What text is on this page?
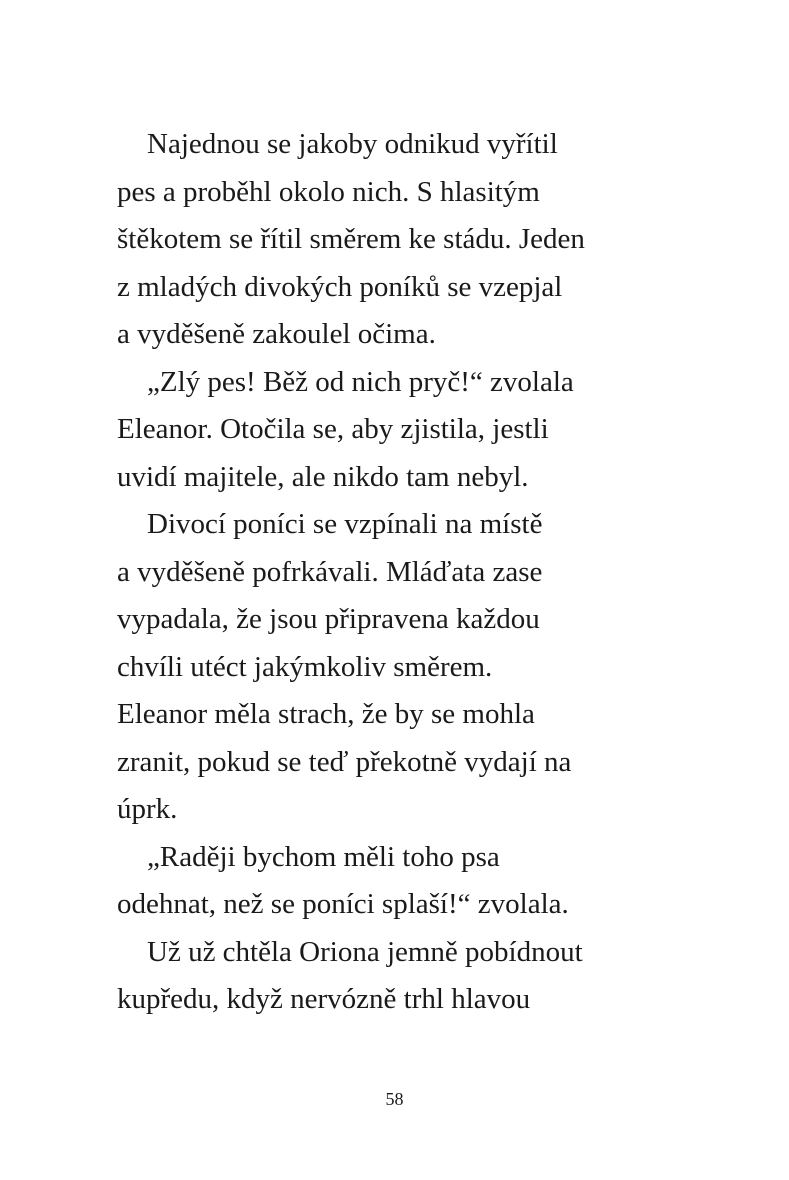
Najednou se jakoby odnikud vyřítil
pes a proběhl okolo nich. S hlasitým
štěkotem se řítil směrem ke stádu. Jeden
z mladých divokých poníků se vzepjal
a vyděšeně zakoulel očima.
„Zlý pes! Běž od nich pryč!“ zvolala
Eleanor. Otočila se, aby zjistila, jestli
uvidí majitele, ale nikdo tam nebyl.
Divocí poníci se vzpínali na místě
a vyděšeně pofrkávali. Mláďata zase
vypadala, že jsou připravena každou
chvíli utéct jakýmkoliv směrem.
Eleanor měla strach, že by se mohla
zranit, pokud se teď překotně vydají na
úprk.
„Raději bychom měli toho psa
odehnat, než se poníci splaší!“ zvolala.
Už už chtěla Oriona jemně pobídnout
kupředu, když nervózně trhl hlavou
58
